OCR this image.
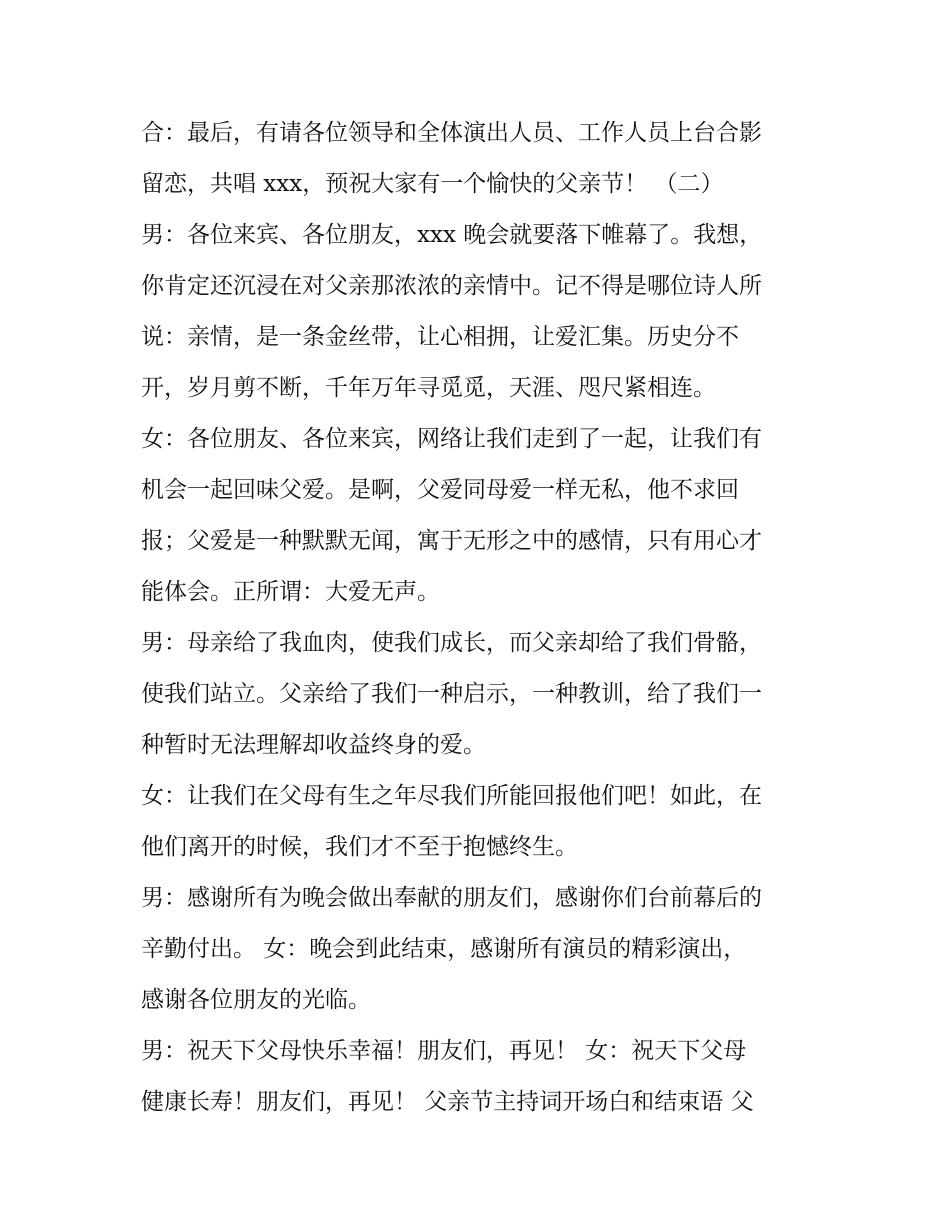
合：最后，有请各位领导和全体演出人员、工作人员上台合影
留恋，共唱 xxx，预祝大家有一个愉快的父亲节！ （二）
男：各位来宾、各位朋友，xxx 晚会就要落下帷幕了。我想，
你肯定还沉浸在对父亲那浓浓的亲情中。记不得是哪位诗人所
说：亲情，是一条金丝带，让心相拥，让爱汇集。历史分不
开，岁月剪不断，千年万年寻觅觅，天涯、咫尺紧相连。
女：各位朋友、各位来宾，网络让我们走到了一起，让我们有
机会一起回味父爱。是啊，父爱同母爱一样无私，他不求回
报；父爱是一种默默无闻，寓于无形之中的感情，只有用心才
能体会。正所谓：大爱无声。
男：母亲给了我血肉，使我们成长，而父亲却给了我们骨骼，
使我们站立。父亲给了我们一种启示，一种教训，给了我们一
种暂时无法理解却收益终身的爱。
女：让我们在父母有生之年尽我们所能回报他们吧！如此，在
他们离开的时候，我们才不至于抱憾终生。
男：感谢所有为晚会做出奉献的朋友们，感谢你们台前幕后的
辛勤付出。 女：晚会到此结束，感谢所有演员的精彩演出，
感谢各位朋友的光临。
男：祝天下父母快乐幸福！朋友们，再见！ 女：祝天下父母
健康长寿！朋友们，再见！ 父亲节主持词开场白和结束语 父
